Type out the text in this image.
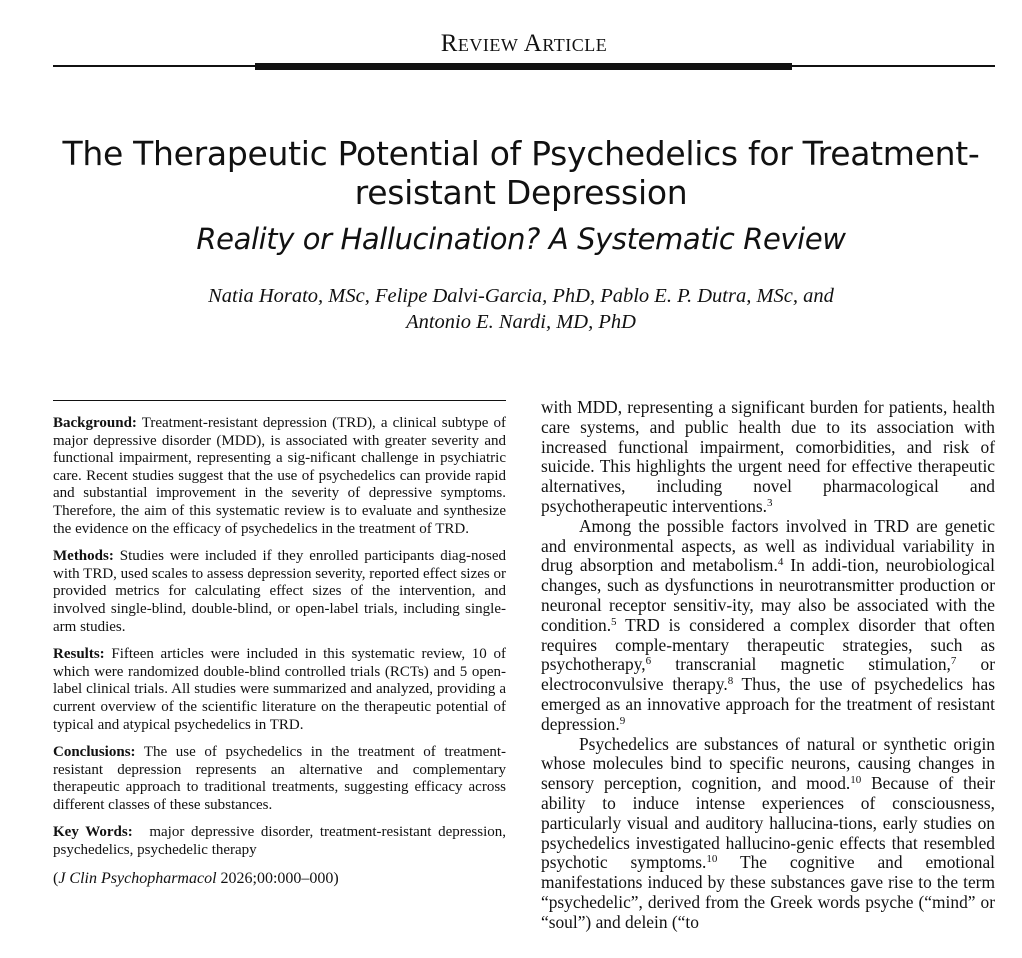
Review Article
The Therapeutic Potential of Psychedelics for Treatment-resistant Depression
Reality or Hallucination? A Systematic Review
Natia Horato, MSc, Felipe Dalvi-Garcia, PhD, Pablo E. P. Dutra, MSc, and
Antonio E. Nardi, MD, PhD

Background: Treatment-resistant depression (TRD), a clinical subtype of major depressive disorder (MDD), is associated with greater severity and functional impairment, representing a sig-nificant challenge in psychiatric care. Recent studies suggest that the use of psychedelics can provide rapid and substantial improvement in the severity of depressive symptoms. Therefore, the aim of this systematic review is to evaluate and synthesize the evidence on the efficacy of psychedelics in the treatment of TRD.

Methods: Studies were included if they enrolled participants diag-nosed with TRD, used scales to assess depression severity, reported effect sizes or provided metrics for calculating effect sizes of the intervention, and involved single-blind, double-blind, or open-label trials, including single-arm studies.

Results: Fifteen articles were included in this systematic review, 10 of which were randomized double-blind controlled trials (RCTs) and 5 open-label clinical trials. All studies were summarized and analyzed, providing a current overview of the scientific literature on the therapeutic potential of typical and atypical psychedelics in TRD.

Conclusions: The use of psychedelics in the treatment of treatment-resistant depression represents an alternative and complementary therapeutic approach to traditional treatments, suggesting efficacy across different classes of these substances.

Key Words: major depressive disorder, treatment-resistant depression, psychedelics, psychedelic therapy

(J Clin Psychopharmacol 2026;00:000–000)

with MDD, representing a significant burden for patients, health care systems, and public health due to its association with increased functional impairment, comorbidities, and risk of suicide. This highlights the urgent need for effective therapeutic alternatives, including novel pharmacological and psychotherapeutic interventions.$^3$

Among the possible factors involved in TRD are genetic and environmental aspects, as well as individual variability in drug absorption and metabolism.$^4$ In addi-tion, neurobiological changes, such as dysfunctions in neurotransmitter production or neuronal receptor sensitiv-ity, may also be associated with the condition.$^5$ TRD is considered a complex disorder that often requires comple-mentary therapeutic strategies, such as psychotherapy,$^6$ transcranial magnetic stimulation,$^7$ or electroconvulsive therapy.$^8$ Thus, the use of psychedelics has emerged as an innovative approach for the treatment of resistant depression.$^9$

Psychedelics are substances of natural or synthetic origin whose molecules bind to specific neurons, causing changes in sensory perception, cognition, and mood.$^{10}$ Because of their ability to induce intense experiences of consciousness, particularly visual and auditory hallucina-tions, early studies on psychedelics investigated hallucino-genic effects that resembled psychotic symptoms.$^{10}$ The cognitive and emotional manifestations induced by these substances gave rise to the term “psychedelic”, derived from the Greek words psyche (“mind” or “soul”) and delein (“to
